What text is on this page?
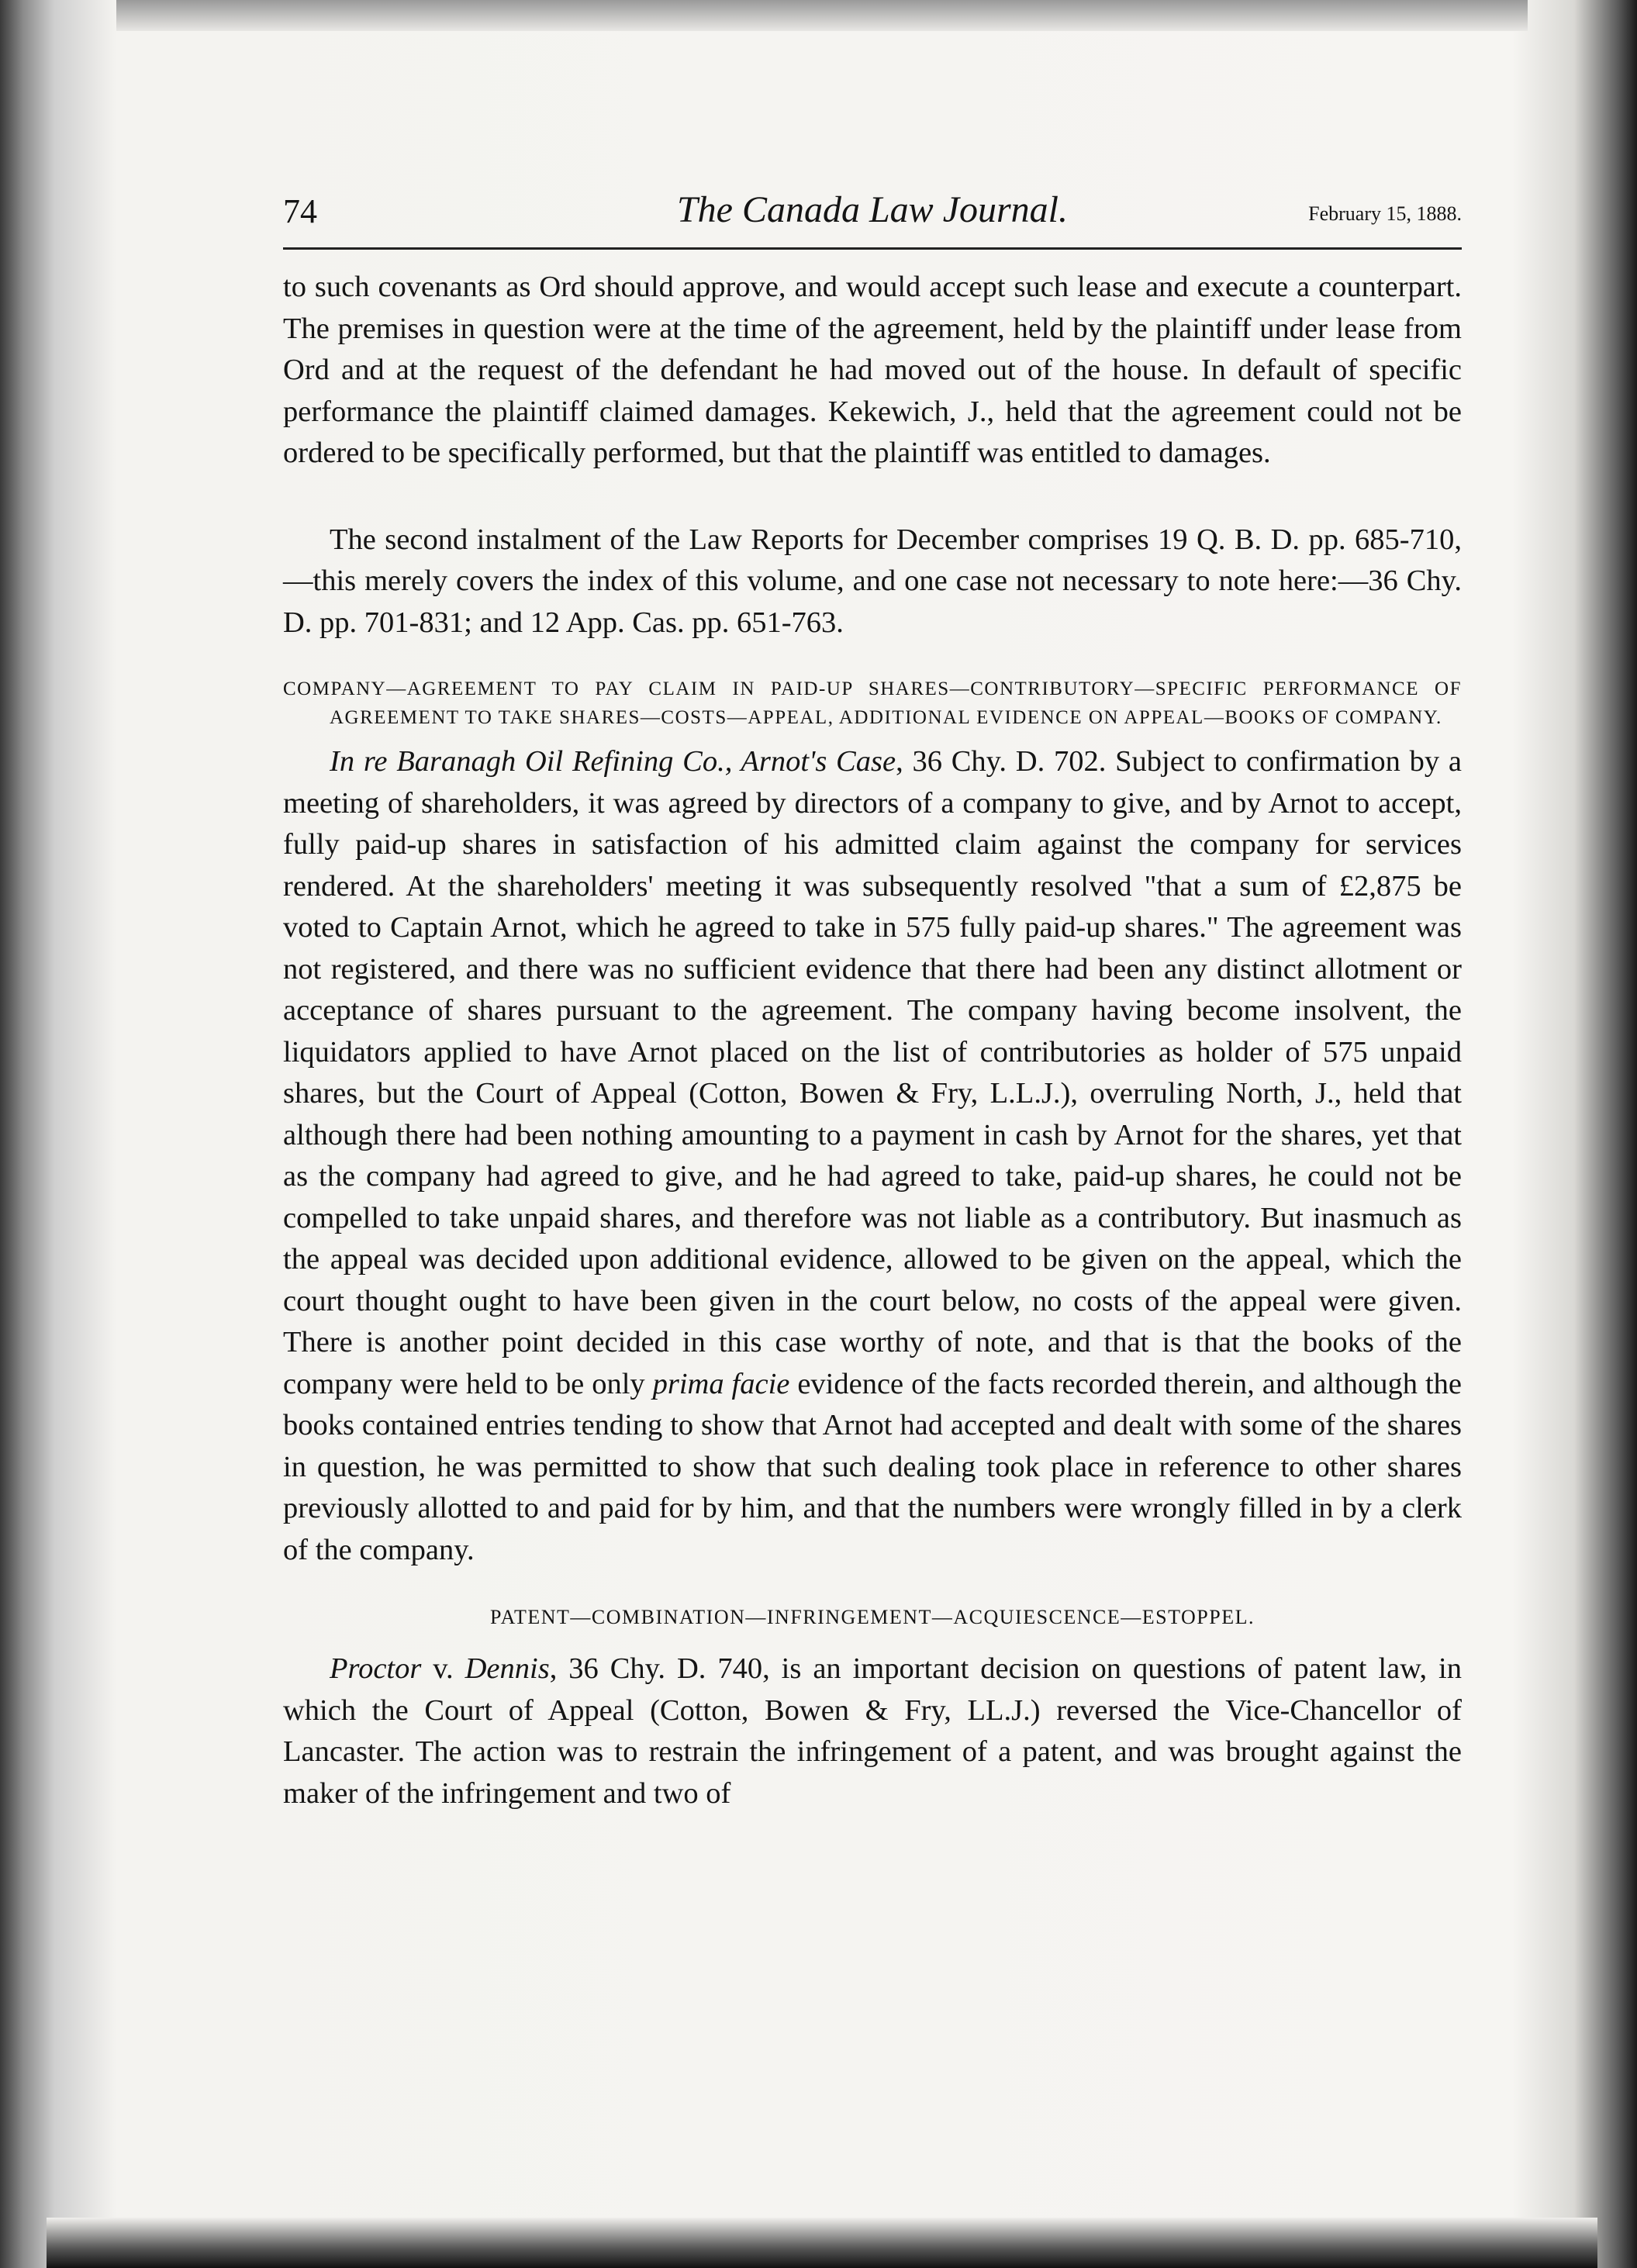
74	The Canada Law Journal.	February 15, 1888.

to such covenants as Ord should approve, and would accept such lease and execute a counterpart. The premises in question were at the time of the agreement, held by the plaintiff under lease from Ord and at the request of the defendant he had moved out of the house. In default of specific performance the plaintiff claimed damages. Kekewich, J., held that the agreement could not be ordered to be specifically performed, but that the plaintiff was entitled to damages.

The second instalment of the Law Reports for December comprises 19 Q. B. D. pp. 685-710,—this merely covers the index of this volume, and one case not necessary to note here:—36 Chy. D. pp. 701-831; and 12 App. Cas. pp. 651-763.

COMPANY—AGREEMENT TO PAY CLAIM IN PAID-UP SHARES—CONTRIBUTORY—SPECIFIC PERFORMANCE OF AGREEMENT TO TAKE SHARES—COSTS—APPEAL, ADDITIONAL EVIDENCE ON APPEAL—BOOKS OF COMPANY.

In re Baranagh Oil Refining Co., Arnot's Case, 36 Chy. D. 702. Subject to confirmation by a meeting of shareholders, it was agreed by directors of a company to give, and by Arnot to accept, fully paid-up shares in satisfaction of his admitted claim against the company for services rendered. At the shareholders' meeting it was subsequently resolved "that a sum of £2,875 be voted to Captain Arnot, which he agreed to take in 575 fully paid-up shares." The agreement was not registered, and there was no sufficient evidence that there had been any distinct allotment or acceptance of shares pursuant to the agreement. The company having become insolvent, the liquidators applied to have Arnot placed on the list of contributories as holder of 575 unpaid shares, but the Court of Appeal (Cotton, Bowen & Fry, L.L.J.), overruling North, J., held that although there had been nothing amounting to a payment in cash by Arnot for the shares, yet that as the company had agreed to give, and he had agreed to take, paid-up shares, he could not be compelled to take unpaid shares, and therefore was not liable as a contributory. But inasmuch as the appeal was decided upon additional evidence, allowed to be given on the appeal, which the court thought ought to have been given in the court below, no costs of the appeal were given. There is another point decided in this case worthy of note, and that is that the books of the company were held to be only prima facie evidence of the facts recorded therein, and although the books contained entries tending to show that Arnot had accepted and dealt with some of the shares in question, he was permitted to show that such dealing took place in reference to other shares previously allotted to and paid for by him, and that the numbers were wrongly filled in by a clerk of the company.

PATENT—COMBINATION—INFRINGEMENT—ACQUIESCENCE—ESTOPPEL.

Proctor v. Dennis, 36 Chy. D. 740, is an important decision on questions of patent law, in which the Court of Appeal (Cotton, Bowen & Fry, LL.J.) reversed the Vice-Chancellor of Lancaster. The action was to restrain the infringement of a patent, and was brought against the maker of the infringement and two of
